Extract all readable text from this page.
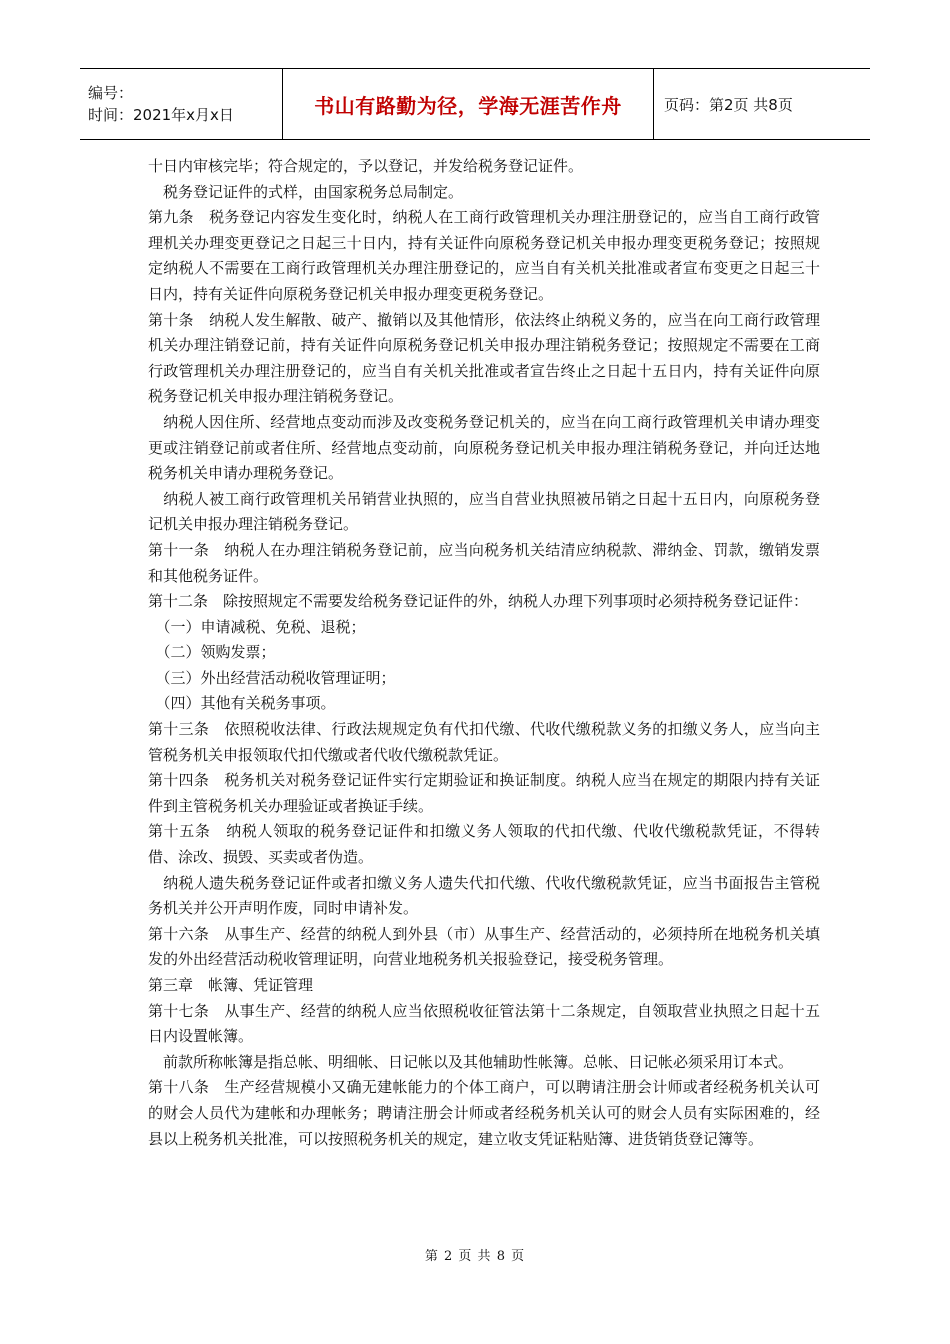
编号：
时间：2021年x月x日	书山有路勤为径，学海无涯苦作舟	页码：第2页 共8页

十日内审核完毕；符合规定的，予以登记，并发给税务登记证件。

　税务登记证件的式样，由国家税务总局制定。

第九条　税务登记内容发生变化时，纳税人在工商行政管理机关办理注册登记的，应当自工商行政管理机关办理变更登记之日起三十日内，持有关证件向原税务登记机关申报办理变更税务登记；按照规定纳税人不需要在工商行政管理机关办理注册登记的，应当自有关机关批准或者宣布变更之日起三十日内，持有关证件向原税务登记机关申报办理变更税务登记。

第十条　纳税人发生解散、破产、撤销以及其他情形，依法终止纳税义务的，应当在向工商行政管理机关办理注销登记前，持有关证件向原税务登记机关申报办理注销税务登记；按照规定不需要在工商行政管理机关办理注册登记的，应当自有关机关批准或者宣告终止之日起十五日内，持有关证件向原税务登记机关申报办理注销税务登记。

　纳税人因住所、经营地点变动而涉及改变税务登记机关的，应当在向工商行政管理机关申请办理变更或注销登记前或者住所、经营地点变动前，向原税务登记机关申报办理注销税务登记，并向迁达地税务机关申请办理税务登记。

　纳税人被工商行政管理机关吊销营业执照的，应当自营业执照被吊销之日起十五日内，向原税务登记机关申报办理注销税务登记。

第十一条　纳税人在办理注销税务登记前，应当向税务机关结清应纳税款、滞纳金、罚款，缴销发票和其他税务证件。

第十二条　除按照规定不需要发给税务登记证件的外，纳税人办理下列事项时必须持税务登记证件：

　（一）申请减税、免税、退税；

　（二）领购发票；

　（三）外出经营活动税收管理证明；

　（四）其他有关税务事项。

第十三条　依照税收法律、行政法规规定负有代扣代缴、代收代缴税款义务的扣缴义务人，应当向主管税务机关申报领取代扣代缴或者代收代缴税款凭证。

第十四条　税务机关对税务登记证件实行定期验证和换证制度。纳税人应当在规定的期限内持有关证件到主管税务机关办理验证或者换证手续。

第十五条　纳税人领取的税务登记证件和扣缴义务人领取的代扣代缴、代收代缴税款凭证，不得转借、涂改、损毁、买卖或者伪造。

　纳税人遗失税务登记证件或者扣缴义务人遗失代扣代缴、代收代缴税款凭证，应当书面报告主管税务机关并公开声明作废，同时申请补发。

第十六条　从事生产、经营的纳税人到外县（市）从事生产、经营活动的，必须持所在地税务机关填发的外出经营活动税收管理证明，向营业地税务机关报验登记，接受税务管理。

第三章　帐簿、凭证管理

第十七条　从事生产、经营的纳税人应当依照税收征管法第十二条规定，自领取营业执照之日起十五日内设置帐簿。

　前款所称帐簿是指总帐、明细帐、日记帐以及其他辅助性帐簿。总帐、日记帐必须采用订本式。

第十八条　生产经营规模小又确无建帐能力的个体工商户，可以聘请注册会计师或者经税务机关认可的财会人员代为建帐和办理帐务；聘请注册会计师或者经税务机关认可的财会人员有实际困难的，经县以上税务机关批准，可以按照税务机关的规定，建立收支凭证粘贴簿、进货销货登记簿等。

第 2 页 共 8 页
